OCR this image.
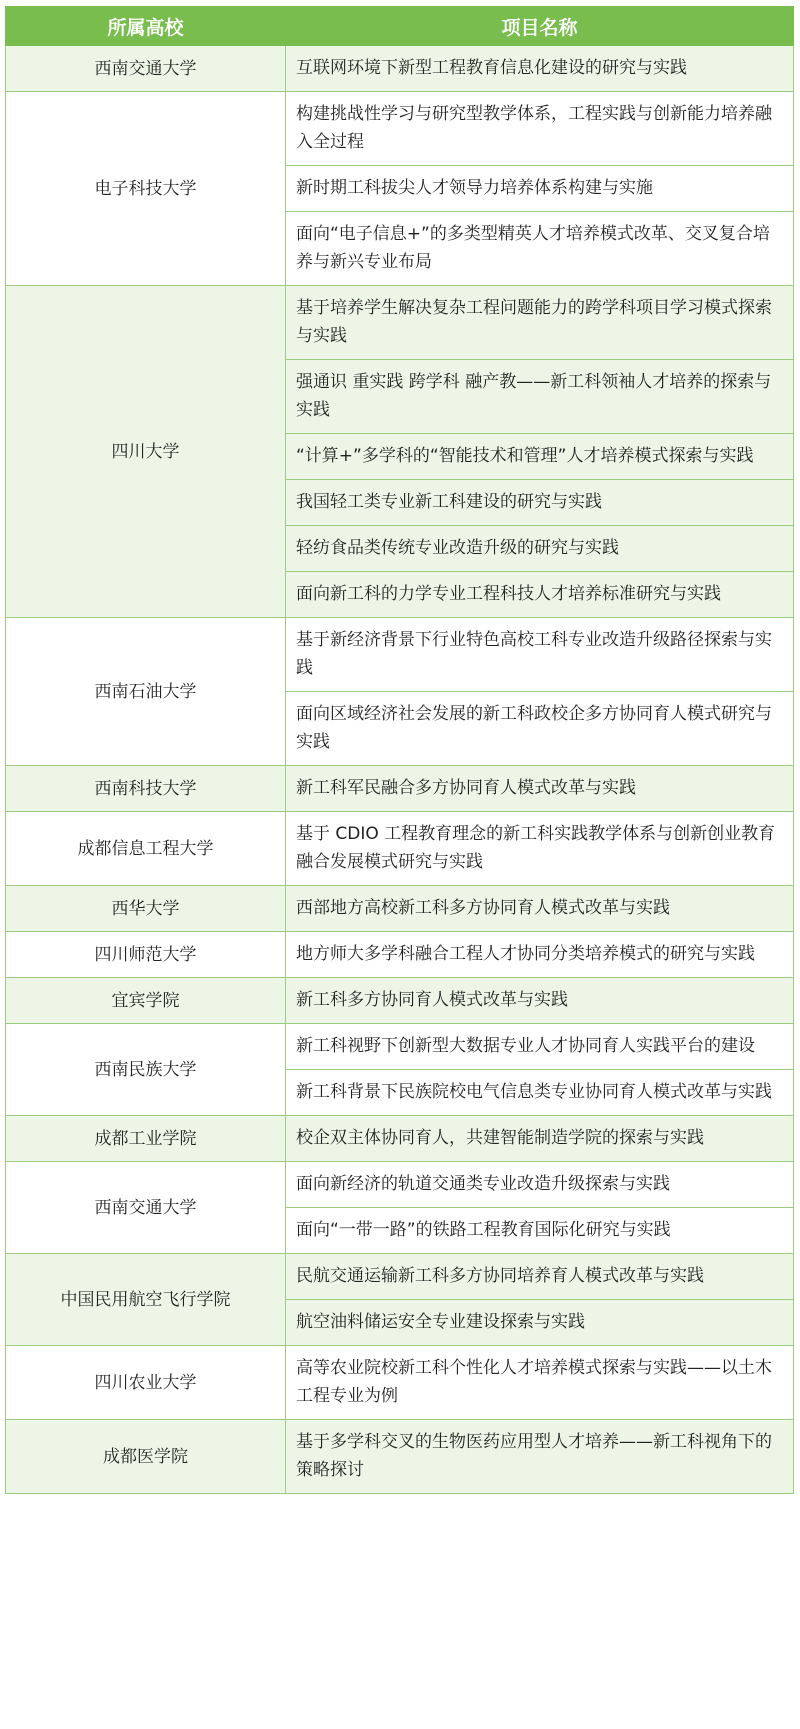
所属高校	项目名称
西南交通大学	互联网环境下新型工程教育信息化建设的研究与实践
电子科技大学	构建挑战性学习与研究型教学体系，工程实践与创新能力培养融入全过程
	新时期工科拔尖人才领导力培养体系构建与实施
	面向“电子信息+”的多类型精英人才培养模式改革、交叉复合培养与新兴专业布局
四川大学	基于培养学生解决复杂工程问题能力的跨学科项目学习模式探索与实践
	强通识 重实践 跨学科 融产教——新工科领袖人才培养的探索与实践
	“计算+”多学科的“智能技术和管理”人才培养模式探索与实践
	我国轻工类专业新工科建设的研究与实践
	轻纺食品类传统专业改造升级的研究与实践
	面向新工科的力学专业工程科技人才培养标准研究与实践
西南石油大学	基于新经济背景下行业特色高校工科专业改造升级路径探索与实践
	面向区域经济社会发展的新工科政校企多方协同育人模式研究与实践
西南科技大学	新工科军民融合多方协同育人模式改革与实践
成都信息工程大学	基于 CDIO 工程教育理念的新工科实践教学体系与创新创业教育融合发展模式研究与实践
西华大学	西部地方高校新工科多方协同育人模式改革与实践
四川师范大学	地方师大多学科融合工程人才协同分类培养模式的研究与实践
宜宾学院	新工科多方协同育人模式改革与实践
西南民族大学	新工科视野下创新型大数据专业人才协同育人实践平台的建设
	新工科背景下民族院校电气信息类专业协同育人模式改革与实践
成都工业学院	校企双主体协同育人，共建智能制造学院的探索与实践
西南交通大学	面向新经济的轨道交通类专业改造升级探索与实践
	面向“一带一路”的铁路工程教育国际化研究与实践
中国民用航空飞行学院	民航交通运输新工科多方协同培养育人模式改革与实践
	航空油料储运安全专业建设探索与实践
四川农业大学	高等农业院校新工科个性化人才培养模式探索与实践——以土木工程专业为例
成都医学院	基于多学科交叉的生物医药应用型人才培养——新工科视角下的策略探讨
